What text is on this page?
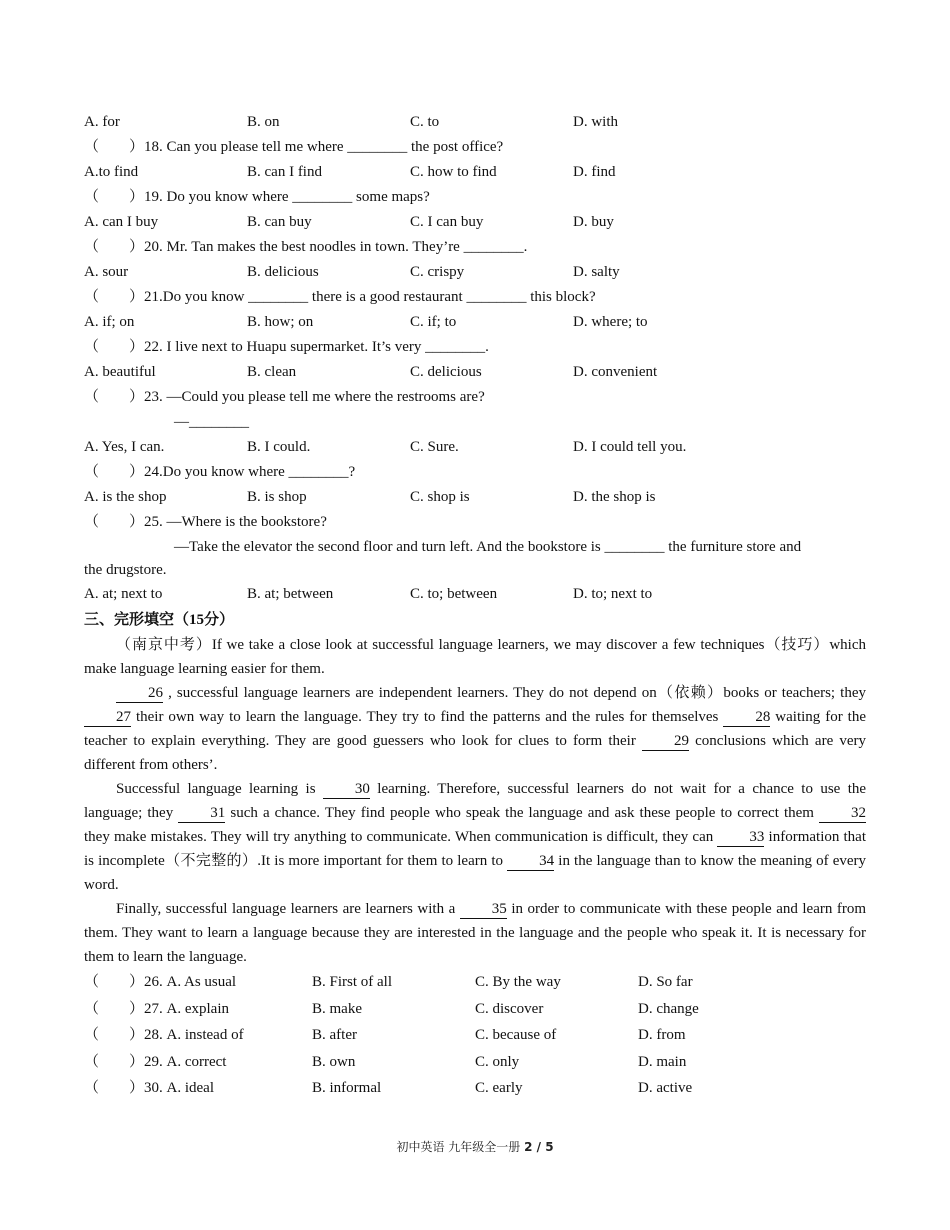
A. for	B. on	C. to	D. with
（　　）18. Can you please tell me where ________ the post office?
A.to find	B. can I find	C. how to find	D. find
（　　）19. Do you know where ________ some maps?
A. can I buy	B. can buy	C. I can buy	D. buy
（　　）20. Mr. Tan makes the best noodles in town. They’re ________.
A. sour	B. delicious	C. crispy	D. salty
（　　）21.Do you know ________ there is a good restaurant ________ this block?
A. if; on	B. how; on	C. if; to	D. where; to
（　　）22. I live next to Huapu supermarket. It’s very ________.
A. beautiful	B. clean	C. delicious	D. convenient
（　　）23. —Could you please tell me where the restrooms are?
—________
A. Yes, I can.	B. I could.	C. Sure.	D. I could tell you.
（　　）24.Do you know where ________?
A. is the shop	B. is shop	C. shop is	D. the shop is
（　　）25. —Where is the bookstore?
—Take the elevator the second floor and turn left. And the bookstore is ________ the furniture store and
the drugstore.
A. at; next to	B. at; between	C. to; between	D. to; next to
三、完形填空（15分）

（南京中考）If we take a close look at successful language learners, we may discover a few techniques（技巧）which make language learning easier for them.

26 , successful language learners are independent learners. They do not depend on（依赖）books or teachers; they 27 their own way to learn the language. They try to find the patterns and the rules for themselves 28 waiting for the teacher to explain everything. They are good guessers who look for clues to form their	29 conclusions which are very different from others’.

Successful language learning is	30 learning. Therefore, successful learners do not wait for a chance to use the language; they 31 such a chance. They find people who speak the language and ask these people to correct them 32 they make mistakes. They will try anything to communicate. When communication is difficult, they can 33 information that is incomplete（不完整的）.It is more important for them to learn to 34 in the language than to know the meaning of every word.

Finally, successful language learners are learners with a 35 in order to communicate with these people and learn from them. They want to learn a language because they are interested in the language and the people who speak it. It is necessary for them to learn the language.

（　　）26. A. As usual	B. First of all	C. By the way	D. So far
（　　）27. A. explain	B. make	C. discover	D. change
（　　）28. A. instead of	B. after	C. because of	D. from
（　　）29. A. correct	B. own	C. only	D. main
（　　）30. A. ideal	B. informal	C. early	D. active
初中英语 九年级全一册 2 / 5
